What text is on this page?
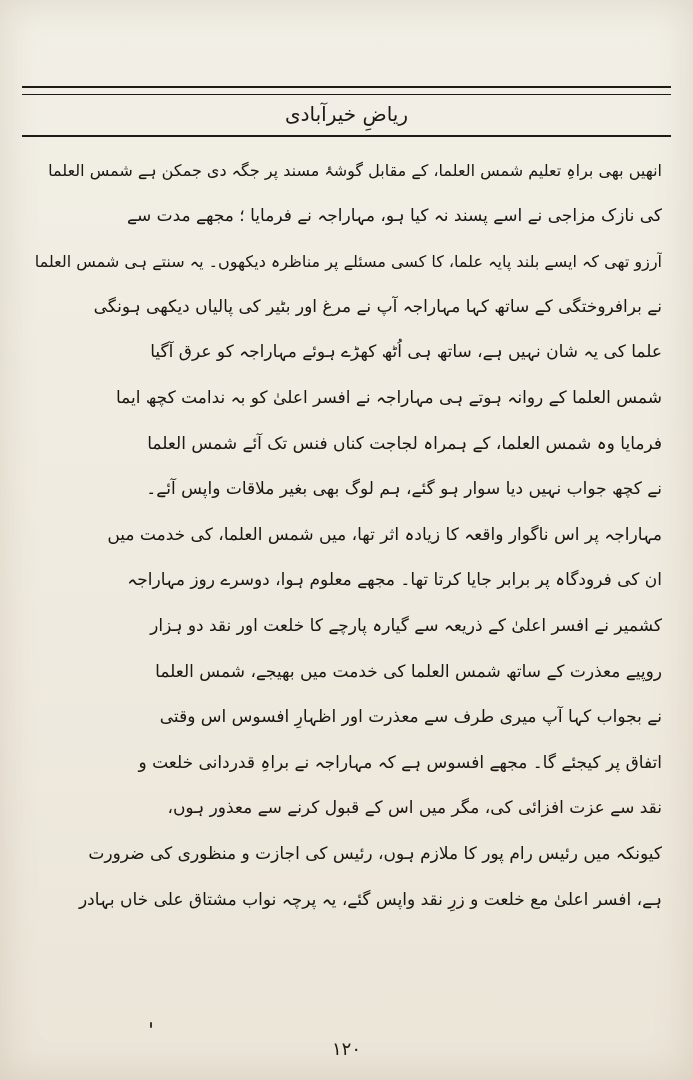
ریاضِ خیرآبادی
انھیں بھی براہِ تعلیم شمس العلما، کے مقابل گوشۂ مسند پر جگہ دی جمکن ہے شمس العلما
کی نازک مزاجی نے اسے پسند نہ کیا ہو، مہاراجہ نے فرمایا ؛ مجھے مدت سے
آرزو تھی کہ ایسے بلند پایہ علما، کا کسی مسئلے پر مناظرہ دیکھوں۔ یہ سنتے ہی شمس العلما
نے برافروختگی کے ساتھ کہا مہاراجہ آپ نے مرغ اور بٹیر کی پالیاں دیکھی ہونگی
علما کی یہ شان نہیں ہے، ساتھ ہی اُٹھ کھڑے ہوئے مہاراجہ کو عرق آگیا
شمس العلما کے روانہ ہوتے ہی مہاراجہ نے افسر اعلیٰ کو بہ ندامت کچھ ایما
فرمایا وہ شمس العلما، کے ہمراہ لجاجت کناں فنس تک آئے شمس العلما
نے کچھ جواب نہیں دیا سوار ہو گئے، ہم لوگ بھی بغیر ملاقات واپس آئے۔
مہاراجہ پر اس ناگوار واقعہ کا زیادہ اثر تھا، میں شمس العلما، کی خدمت میں
ان کی فرودگاہ پر برابر جایا کرتا تھا۔ مجھے معلوم ہوا، دوسرے روز مہاراجہ
کشمیر نے افسر اعلیٰ کے ذریعہ سے گیارہ پارچے کا خلعت اور نقد دو ہزار
روپیے معذرت کے ساتھ شمس العلما کی خدمت میں بھیجے، شمس العلما
نے بجواب کہا آپ میری طرف سے معذرت اور اظہارِ افسوس اس وقتی
اتفاق پر کیجئے گا۔ مجھے افسوس ہے کہ مہاراجہ نے براہِ قدردانی خلعت و
نقد سے عزت افزائی کی، مگر میں اس کے قبول کرنے سے معذور ہوں،
کیونکہ میں رئیس رام پور کا ملازم ہوں، رئیس کی اجازت و منظوری کی ضرورت
ہے، افسر اعلیٰ مع خلعت و زرِ نقد واپس گئے، یہ پرچہ نواب مشتاق علی خاں بہادر
۱۲۰
